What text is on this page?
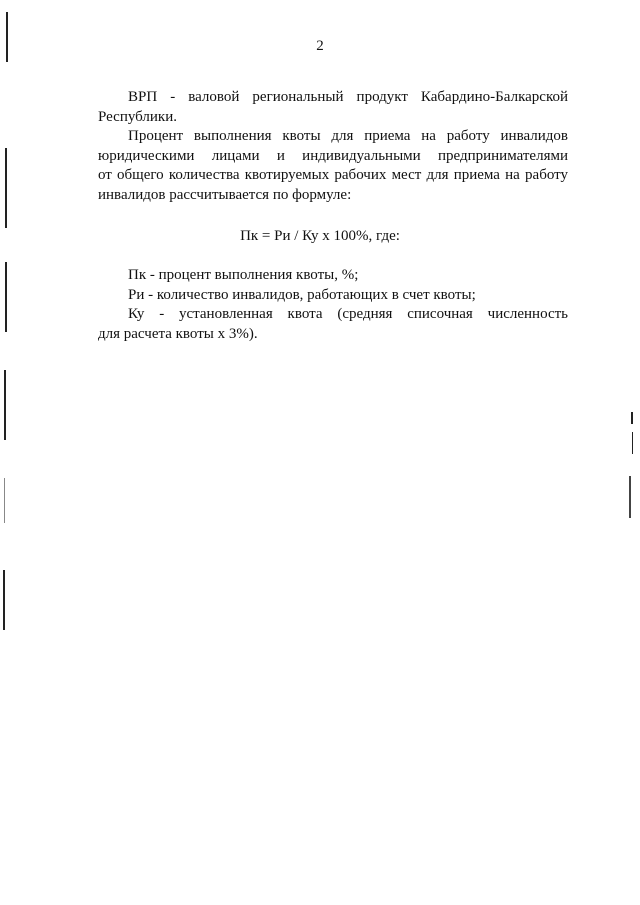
2
ВРП - валовой региональный продукт Кабардино-Балкарской
Республики.
Процент выполнения квоты для приема на работу инвалидов
юридическими лицами и индивидуальными предпринимателями
от общего количества квотируемых рабочих мест для приема на работу
инвалидов рассчитывается по формуле:
Пк = Ри / Ку х 100%, где:
Пк - процент выполнения квоты, %;
Ри - количество инвалидов, работающих в счет квоты;
Ку - установленная квота (средняя списочная численность
для расчета квоты х 3%).
